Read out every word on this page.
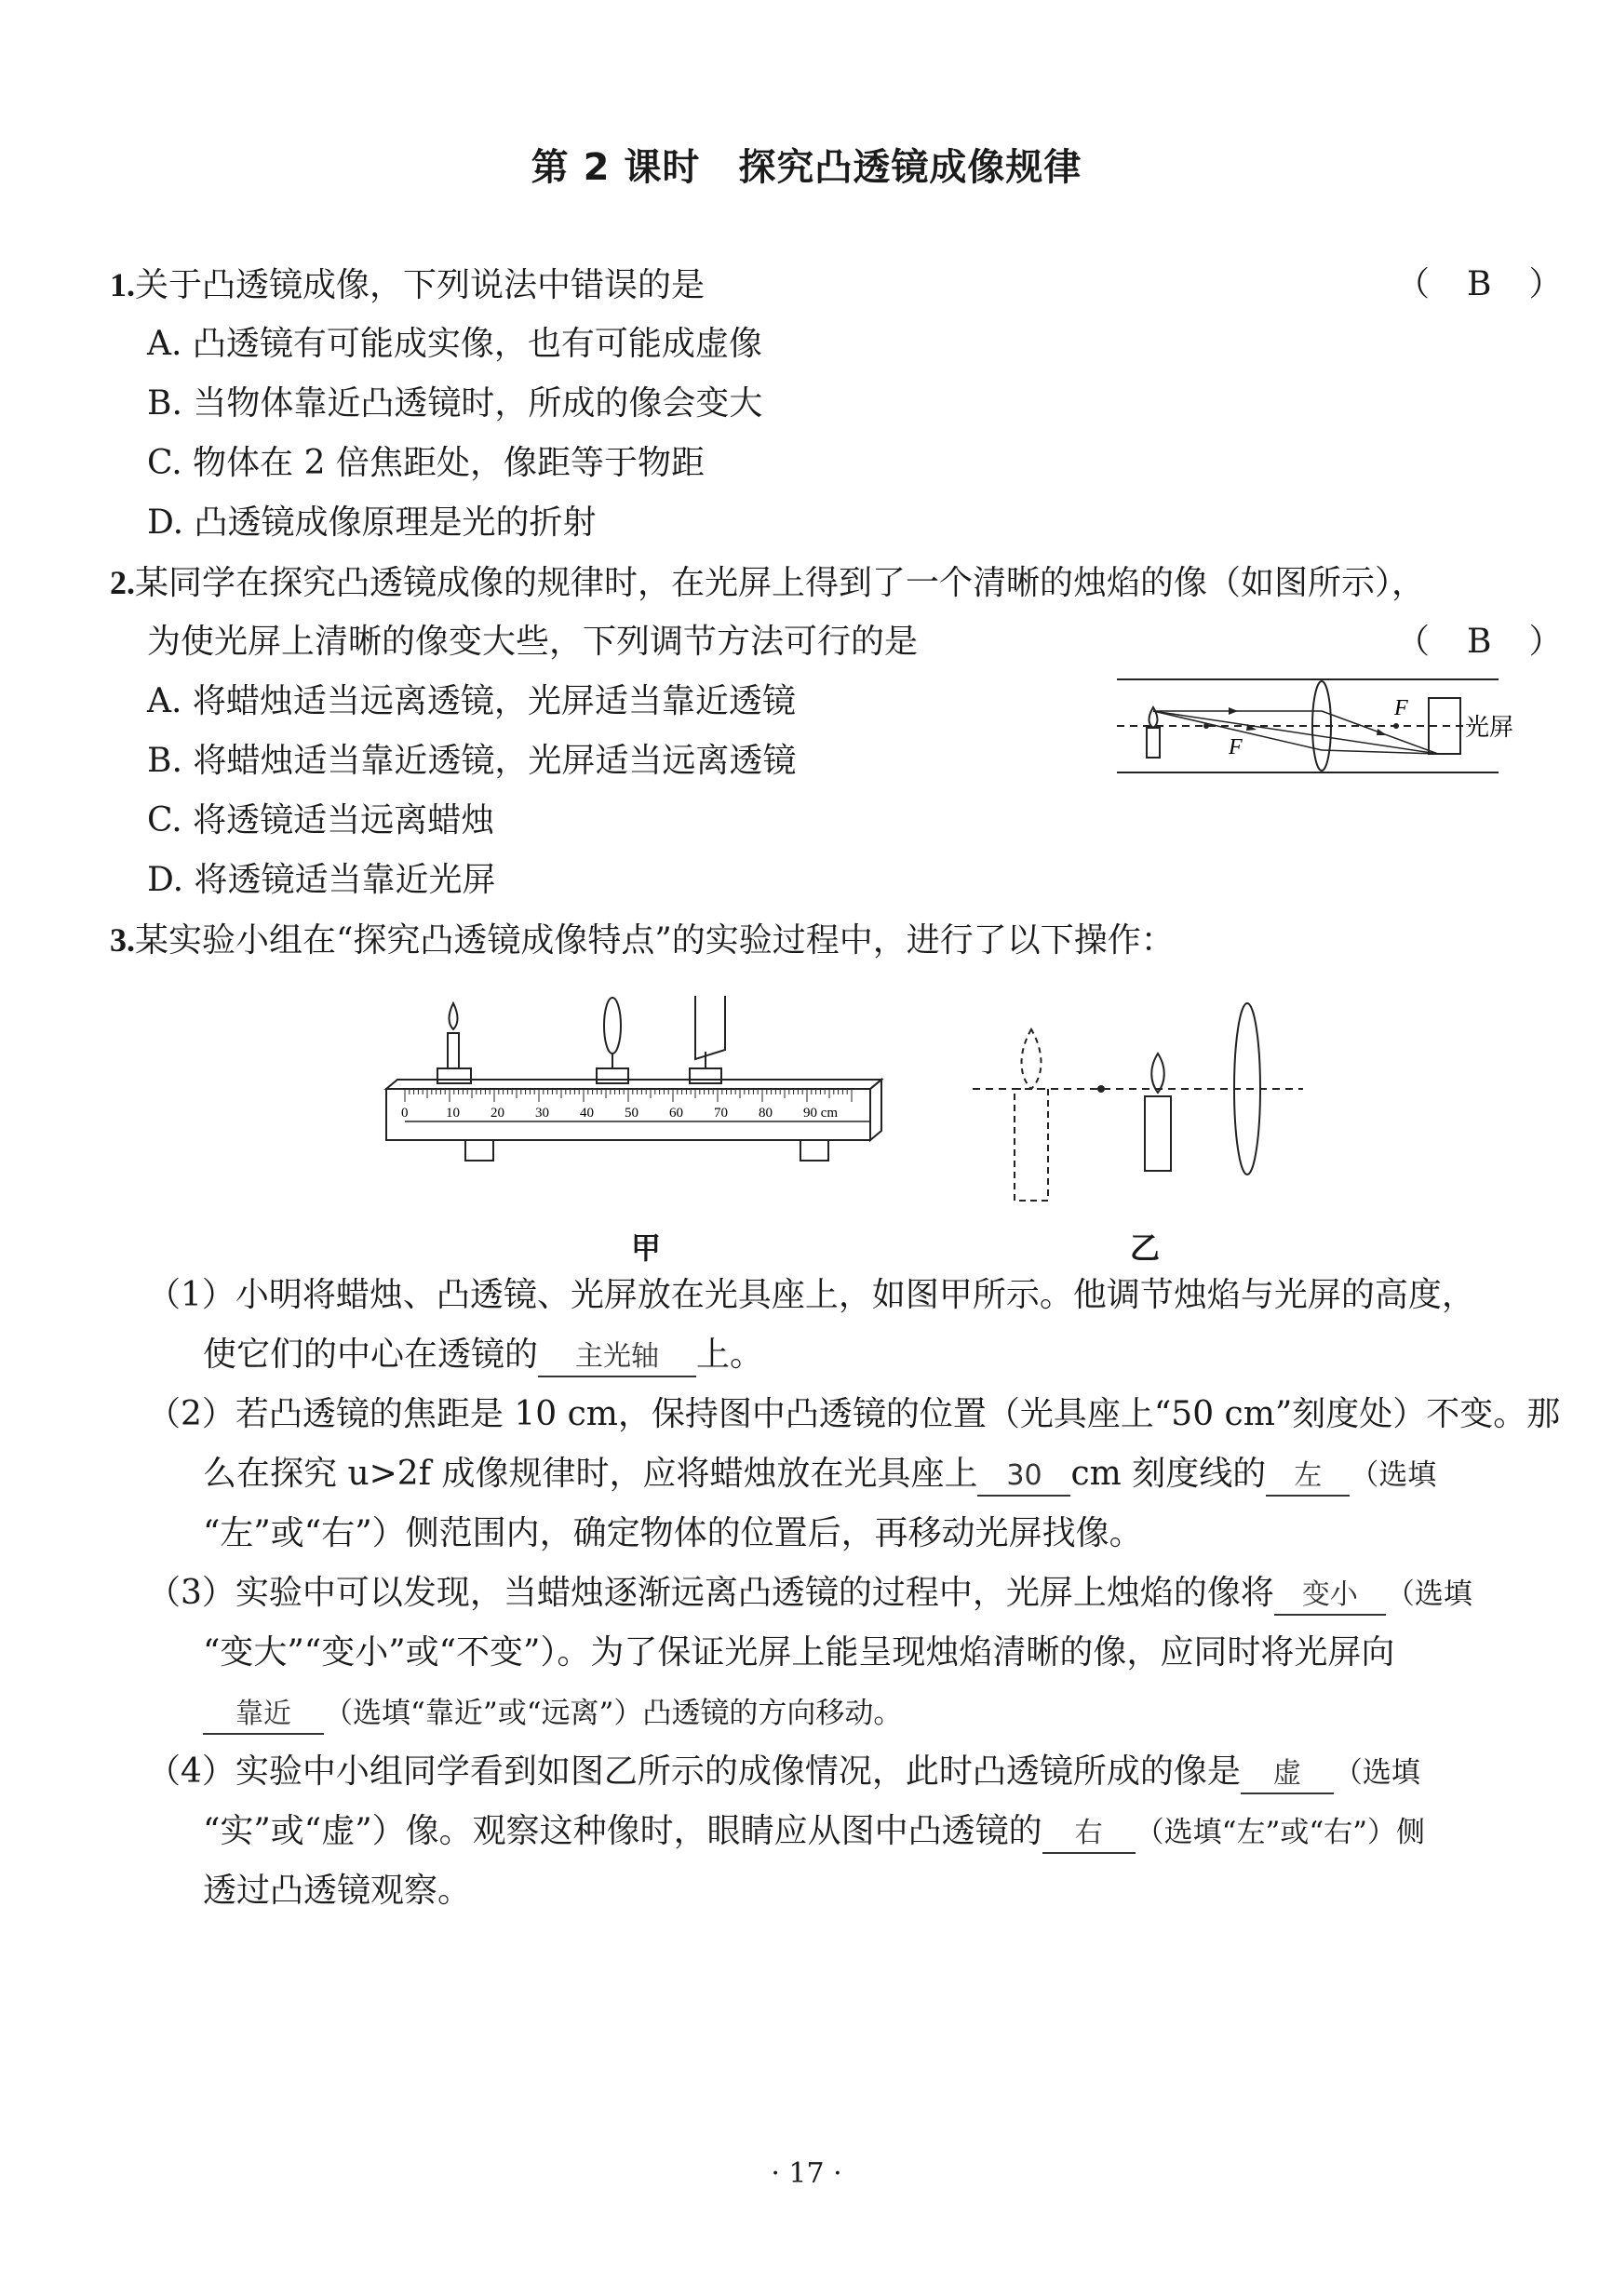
第 2 课时　探究凸透镜成像规律
1.关于凸透镜成像，下列说法中错误的是	（　B　）
A. 凸透镜有可能成实像，也有可能成虚像
B. 当物体靠近凸透镜时，所成的像会变大
C. 物体在 2 倍焦距处，像距等于物距
D. 凸透镜成像原理是光的折射
2.某同学在探究凸透镜成像的规律时，在光屏上得到了一个清晰的烛焰的像（如图所示），
为使光屏上清晰的像变大些，下列调节方法可行的是	（　B　）
A. 将蜡烛适当远离透镜，光屏适当靠近透镜
B. 将蜡烛适当靠近透镜，光屏适当远离透镜
C. 将透镜适当远离蜡烛
D. 将透镜适当靠近光屏
F
F
光屏
3.某实验小组在“探究凸透镜成像特点”的实验过程中，进行了以下操作：
0	10 20 30 40 50 60 70 80 90 cm
甲	乙
（1）小明将蜡烛、凸透镜、光屏放在光具座上，如图甲所示。他调节烛焰与光屏的高度，
使它们的中心在透镜的 主光轴 上。
（2）若凸透镜的焦距是 10 cm，保持图中凸透镜的位置（光具座上“50 cm”刻度处）不变。那
么在探究 u>2f 成像规律时，应将蜡烛放在光具座上 30 cm 刻度线的 左 （选填
“左”或“右”）侧范围内，确定物体的位置后，再移动光屏找像。
（3）实验中可以发现，当蜡烛逐渐远离凸透镜的过程中，光屏上烛焰的像将 变小 （选填
“变大”“变小”或“不变”）。为了保证光屏上能呈现烛焰清晰的像，应同时将光屏向
靠近 （选填“靠近”或“远离”）凸透镜的方向移动。
（4）实验中小组同学看到如图乙所示的成像情况，此时凸透镜所成的像是 虚 （选填
“实”或“虚”）像。观察这种像时，眼睛应从图中凸透镜的 右 （选填“左”或“右”）侧
透过凸透镜观察。
· 17 ·
